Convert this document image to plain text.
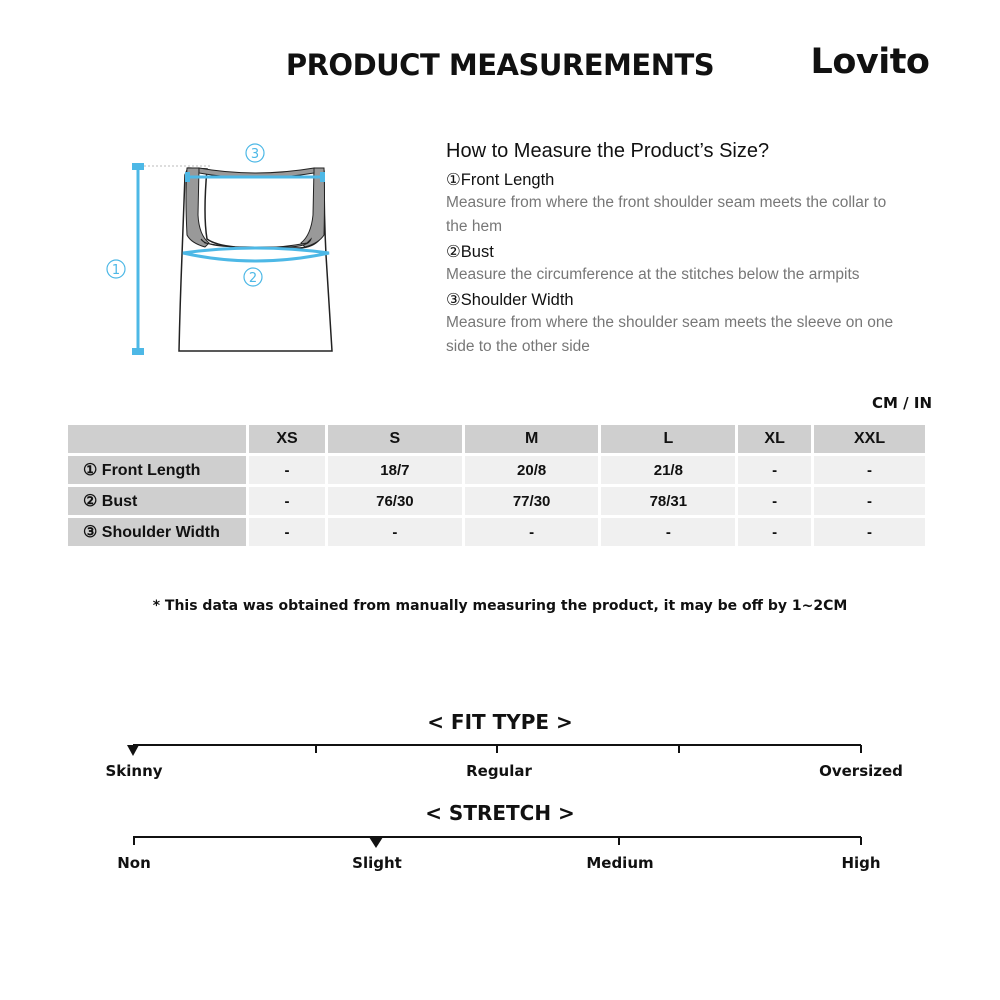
PRODUCT MEASUREMENTS	Lovito
3
1
2
How to Measure the Product’s Size?
①Front Length
Measure from where the front shoulder seam meets the collar to the hem
②Bust
Measure the circumference at the stitches below the armpits
③Shoulder Width
Measure from where the shoulder seam meets the sleeve on one side to the other side
CM / IN
	XS	S	M	L	XL	XXL
① Front Length	-	18/7	20/8	21/8	-	-
② Bust	-	76/30	77/30	78/31	-	-
③ Shoulder Width	-	-	-	-	-	-
* This data was obtained from manually measuring the product, it may be off by 1~2CM
< FIT TYPE >
Skinny	Regular	Oversized
< STRETCH >
Non	Slight	Medium	High
